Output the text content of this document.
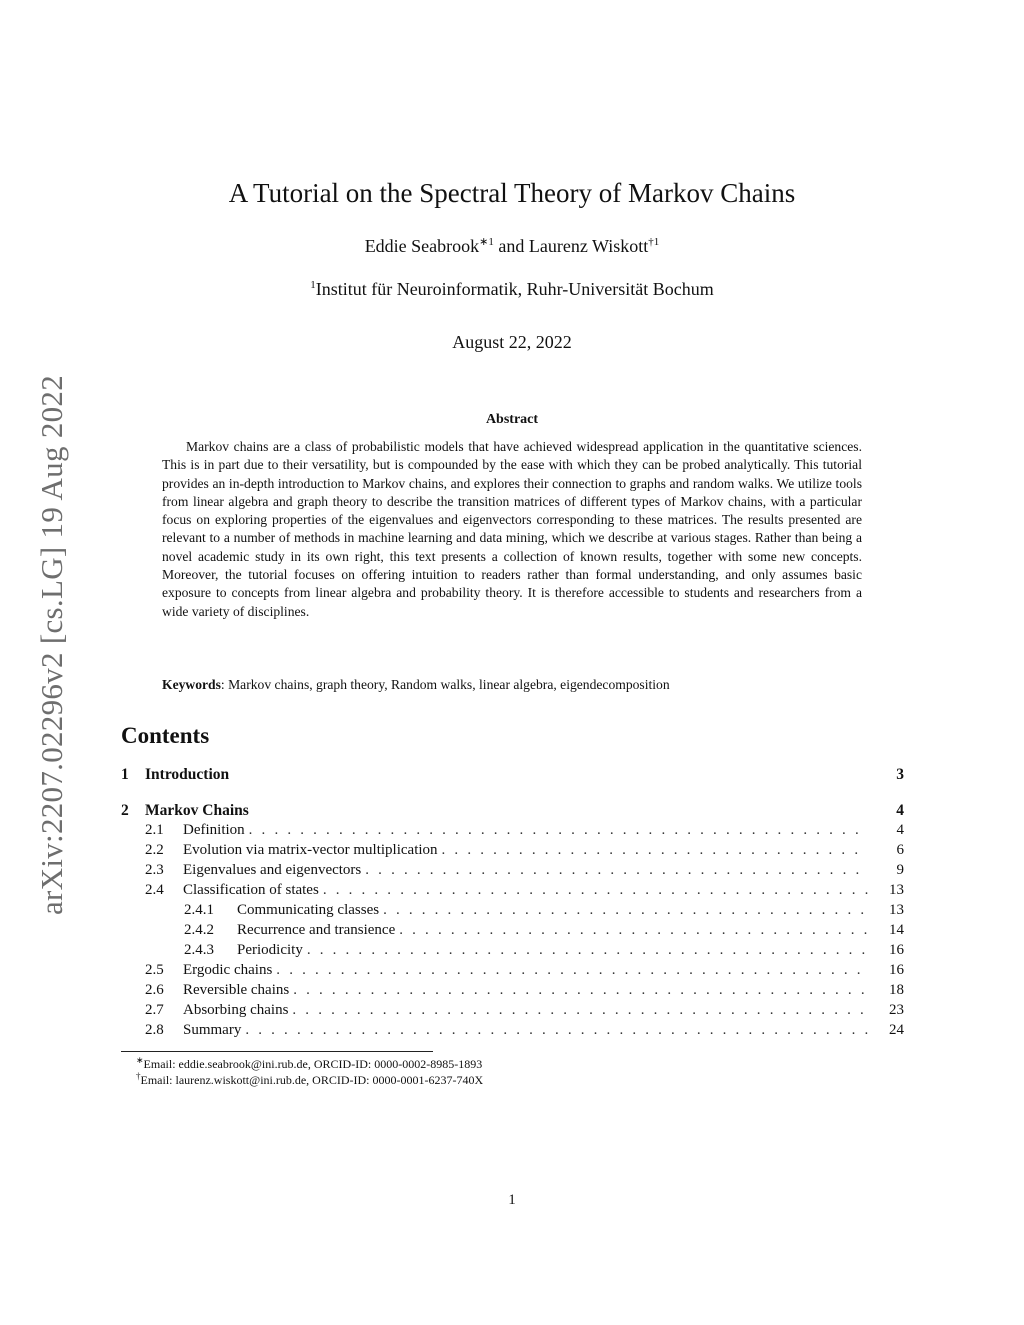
arXiv:2207.02296v2 [cs.LG] 19 Aug 2022
A Tutorial on the Spectral Theory of Markov Chains
Eddie Seabrook$^{∗1}$ and Laurenz Wiskott$^{\dagger 1}$
$^1$Institut für Neuroinformatik, Ruhr-Universität Bochum
August 22, 2022
Abstract

Markov chains are a class of probabilistic models that have achieved widespread application in the quantitative sciences. This is in part due to their versatility, but is compounded by the ease with which they can be probed analytically. This tutorial provides an in-depth introduction to Markov chains, and explores their connection to graphs and random walks. We utilize tools from linear algebra and graph theory to describe the transition matrices of different types of Markov chains, with a particular focus on exploring properties of the eigenvalues and eigenvectors corresponding to these matrices. The results presented are relevant to a number of methods in machine learning and data mining, which we describe at various stages. Rather than being a novel academic study in its own right, this text presents a collection of known results, together with some new concepts. Moreover, the tutorial focuses on offering intuition to readers rather than formal understanding, and only assumes basic exposure to concepts from linear algebra and probability theory. It is therefore accessible to students and researchers from a wide variety of disciplines.

Keywords: Markov chains, graph theory, Random walks, linear algebra, eigendecomposition
Contents
1	Introduction	3
2	Markov Chains	4
2.1	Definition . . .	4
2.2	Evolution via matrix-vector multiplication . . .	6
2.3	Eigenvalues and eigenvectors . . .	9
2.4	Classification of states . . .	13
2.4.1	Communicating classes . . .	13
2.4.2	Recurrence and transience . . .	14
2.4.3	Periodicity . . .	16
2.5	Ergodic chains . . .	16
2.6	Reversible chains . . .	18
2.7	Absorbing chains . . .	23
2.8	Summary . . .	24
∗Email: eddie.seabrook@ini.rub.de, ORCID-ID: 0000-0002-8985-1893
†Email: laurenz.wiskott@ini.rub.de, ORCID-ID: 0000-0001-6237-740X
1
